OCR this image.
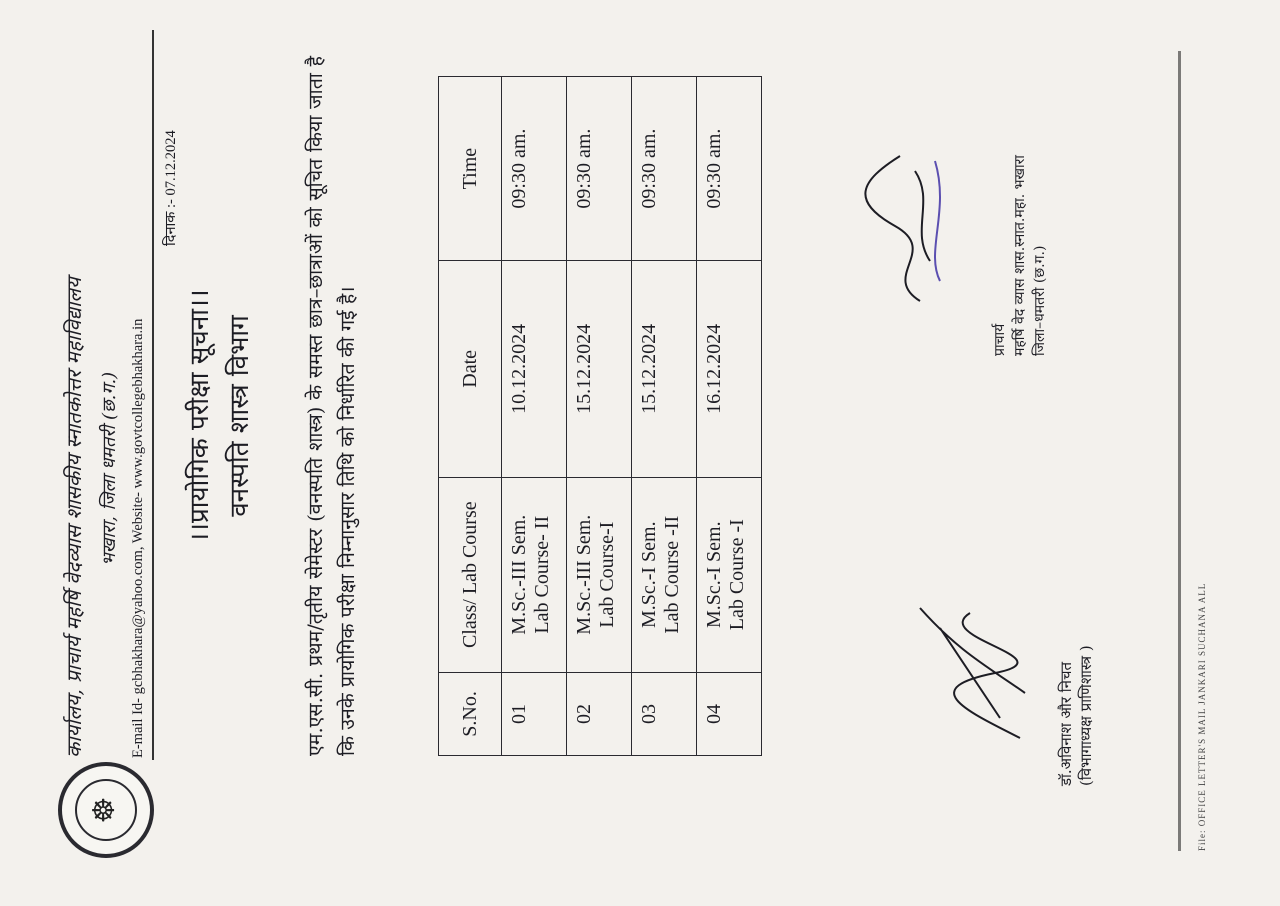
☸
कार्यालय, प्राचार्य महर्षि वेदव्यास शासकीय स्नातकोत्तर महाविद्यालय भखारा, जिला धमतरी (छ.ग.) E-mail Id- gcbhakhara@yahoo.com, Website- www.govtcollegebhakhara.in
दिनाक :- 07.12.2024
।।प्रायोगिक परीक्षा सूचना।। वनस्पति शास्त्र विभाग	एम.एस.सी. प्रथम/तृतीय सेमेस्टर (वनस्पति शास्त्र) के समस्त छात्र–छात्राओं को सूचित किया जाता है कि उनके प्रायोगिक परीक्षा निम्नानुसार तिथि को निर्धारित की गई है।	S.No.	Class/ Lab Course	Date	Time
01	M.Sc.-III Sem. Lab Course- II	10.12.2024	09:30 am.
02	M.Sc.-III Sem. Lab Course-I	15.12.2024	09:30 am.
03	M.Sc.-I Sem. Lab Course -II	15.12.2024	09:30 am.
04	M.Sc.-I Sem. Lab Course -I	16.12.2024	09:30 am.
डॉ.अविनाश और निचत (विभागाध्यक्ष प्राणिशास्त्र )
प्राचार्य महर्षि वेद व्यास शास.स्नात.महा. भखारा जिला–धमतरी (छ.ग.)
File: OFFICE LETTER'S MAIL JANKARI SUCHANA ALL
